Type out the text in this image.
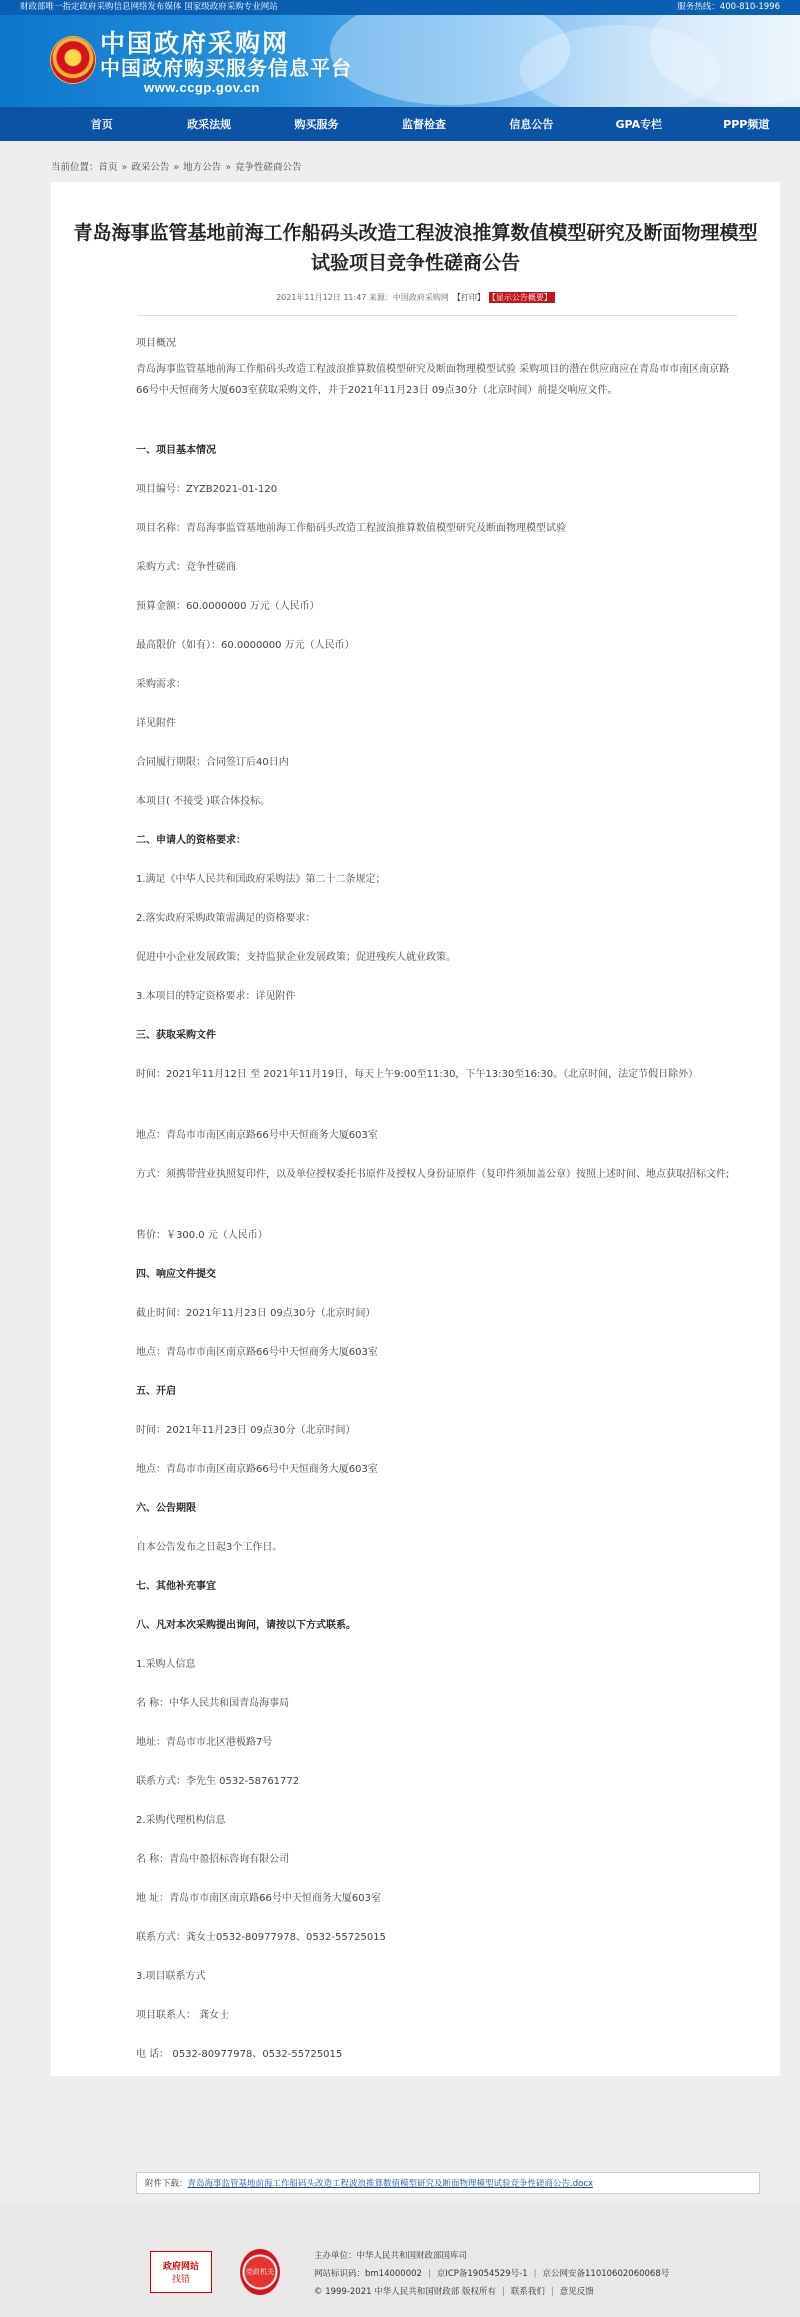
财政部唯一指定政府采购信息网络发布媒体 国家级政府采购专业网站	服务热线：400-810-1996
中国政府采购网
中国政府购买服务信息平台
www.ccgp.gov.cn
首页	政采法规	购买服务	监督检查	信息公告	GPA专栏	PPP频道
当前位置：首页 » 政采公告 » 地方公告 » 竞争性磋商公告
青岛海事监管基地前海工作船码头改造工程波浪推算数值模型研究及断面物理模型
试验项目竞争性磋商公告
2021年11月12日 11:47 来源：中国政府采购网 【打印】 【显示公告概要】

项目概况

青岛海事监管基地前海工作船码头改造工程波浪推算数值模型研究及断面物理模型试验 采购项目的潜在供应商应在青岛市市南区南京路66号中天恒商务大厦603室获取采购文件，并于2021年11月23日 09点30分（北京时间）前提交响应文件。

一、项目基本情况

项目编号：ZYZB2021-01-120

项目名称：青岛海事监管基地前海工作船码头改造工程波浪推算数值模型研究及断面物理模型试验

采购方式：竞争性磋商

预算金额：60.0000000 万元（人民币）

最高限价（如有）：60.0000000 万元（人民币）

采购需求：

详见附件

合同履行期限：合同签订后40日内

本项目( 不接受 )联合体投标。

二、申请人的资格要求：

1.满足《中华人民共和国政府采购法》第二十二条规定；

2.落实政府采购政策需满足的资格要求：

促进中小企业发展政策；支持监狱企业发展政策；促进残疾人就业政策。

3.本项目的特定资格要求：详见附件

三、获取采购文件

时间：2021年11月12日 至 2021年11月19日，每天上午9:00至11:30，下午13:30至16:30。（北京时间，法定节假日除外）

地点：青岛市市南区南京路66号中天恒商务大厦603室

方式：须携带营业执照复印件，以及单位授权委托书原件及授权人身份证原件（复印件须加盖公章）按照上述时间、地点获取招标文件;

售价：￥300.0 元（人民币）

四、响应文件提交

截止时间：2021年11月23日 09点30分（北京时间）

地点：青岛市市南区南京路66号中天恒商务大厦603室

五、开启

时间：2021年11月23日 09点30分（北京时间）

地点：青岛市市南区南京路66号中天恒商务大厦603室

六、公告期限

自本公告发布之日起3个工作日。

七、其他补充事宜

八、凡对本次采购提出询问，请按以下方式联系。

1.采购人信息

名 称：中华人民共和国青岛海事局

地址：青岛市市北区港极路7号

联系方式：李先生 0532-58761772

2.采购代理机构信息

名 称：青岛中盈招标咨询有限公司

地 址：青岛市市南区南京路66号中天恒商务大厦603室

联系方式：龚女士0532-80977978、0532-55725015

3.项目联系方式

项目联系人： 龚女士

电 话： 0532-80977978、0532-55725015

附件下载：青岛海事监管基地前海工作船码头改造工程波浪推算数值模型研究及断面物理模型试验竞争性磋商公告.docx
政府网站
找错
党政机关
主办单位：中华人民共和国财政部国库司
网站标识码：bm14000002 | 京ICP备19054529号-1 | 京公网安备11010602060068号
© 1999-2021 中华人民共和国财政部 版权所有 | 联系我们 | 意见反馈
